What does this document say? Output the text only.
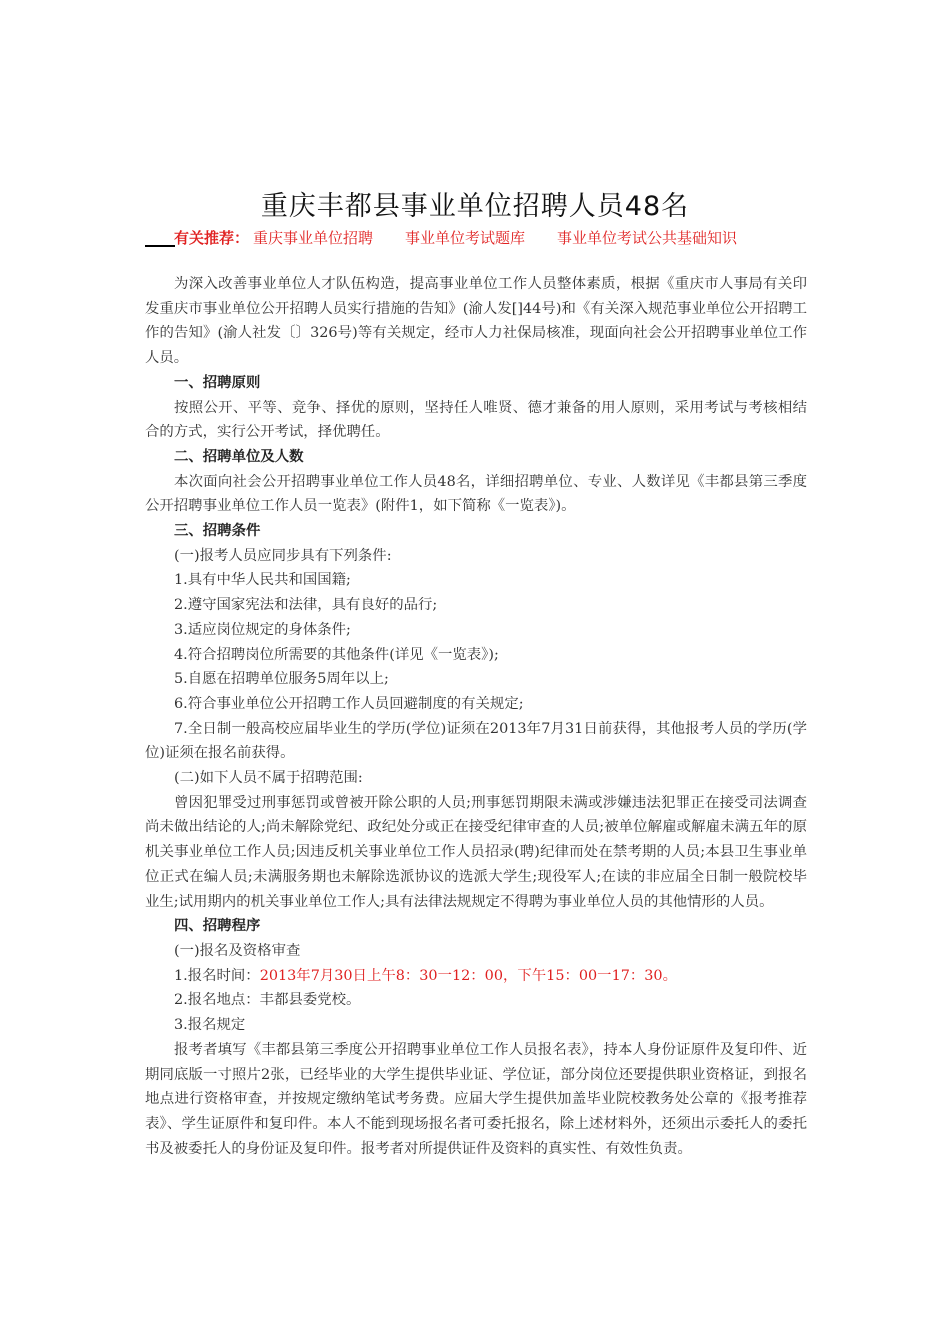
重庆丰都县事业单位招聘人员48名
有关推荐： 重庆事业单位招聘 事业单位考试题库 事业单位考试公共基础知识

为深入改善事业单位人才队伍构造，提高事业单位工作人员整体素质，根据《重庆市人事局有关印发重庆市事业单位公开招聘人员实行措施的告知》(渝人发[]44号)和《有关深入规范事业单位公开招聘工作的告知》(渝人社发〔〕326号)等有关规定，经市人力社保局核准，现面向社会公开招聘事业单位工作人员。

一、招聘原则

按照公开、平等、竞争、择优的原则，坚持任人唯贤、德才兼备的用人原则，采用考试与考核相结合的方式，实行公开考试，择优聘任。

二、招聘单位及人数

本次面向社会公开招聘事业单位工作人员48名，详细招聘单位、专业、人数详见《丰都县第三季度公开招聘事业单位工作人员一览表》(附件1，如下简称《一览表》)。

三、招聘条件

(一)报考人员应同步具有下列条件:

1.具有中华人民共和国国籍;

2.遵守国家宪法和法律，具有良好的品行;

3.适应岗位规定的身体条件;

4.符合招聘岗位所需要的其他条件(详见《一览表》);

5.自愿在招聘单位服务5周年以上;

6.符合事业单位公开招聘工作人员回避制度的有关规定;

7.全日制一般高校应届毕业生的学历(学位)证须在2013年7月31日前获得，其他报考人员的学历(学位)证须在报名前获得。

(二)如下人员不属于招聘范围:

曾因犯罪受过刑事惩罚或曾被开除公职的人员;刑事惩罚期限未满或涉嫌违法犯罪正在接受司法调查尚未做出结论的人;尚未解除党纪、政纪处分或正在接受纪律审查的人员;被单位解雇或解雇未满五年的原机关事业单位工作人员;因违反机关事业单位工作人员招录(聘)纪律而处在禁考期的人员;本县卫生事业单位正式在编人员;未满服务期也未解除选派协议的选派大学生;现役军人;在读的非应届全日制一般院校毕业生;试用期内的机关事业单位工作人;具有法律法规规定不得聘为事业单位人员的其他情形的人员。

四、招聘程序

(一)报名及资格审查

1.报名时间：2013年7月30日上午8：30一12：00，下午15：00一17：30。

2.报名地点：丰都县委党校。

3.报名规定

报考者填写《丰都县第三季度公开招聘事业单位工作人员报名表》，持本人身份证原件及复印件、近期同底版一寸照片2张，已经毕业的大学生提供毕业证、学位证，部分岗位还要提供职业资格证，到报名地点进行资格审查，并按规定缴纳笔试考务费。应届大学生提供加盖毕业院校教务处公章的《报考推荐表》、学生证原件和复印件。本人不能到现场报名者可委托报名，除上述材料外，还须出示委托人的委托书及被委托人的身份证及复印件。报考者对所提供证件及资料的真实性、有效性负责。
